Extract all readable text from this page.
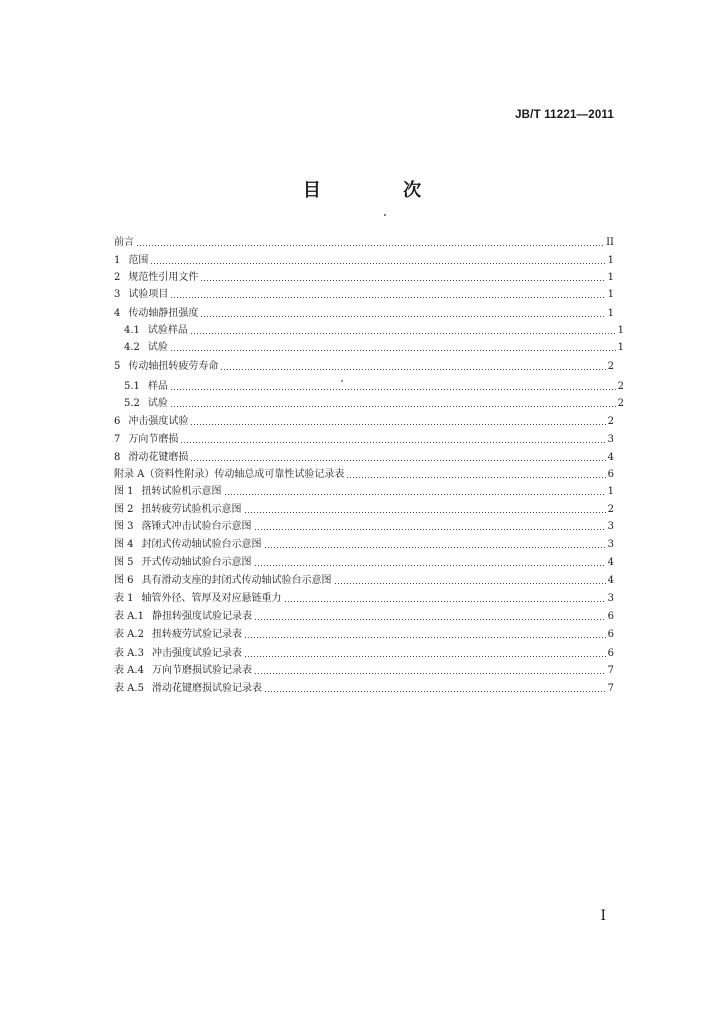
JB/T 11221—2011
目 次
前言	II
1 范围	1
2 规范性引用文件	1
3 试验项目	1
4 传动轴静扭强度	1
4.1 试验样品	1
4.2 试验	1
5 传动轴扭转疲劳寿命	2
5.1 样品	2
5.2 试验	2
6 冲击强度试验	2
7 万向节磨损	3
8 滑动花键磨损	4
附录 A（资料性附录）传动轴总成可靠性试验记录表	6
图 1 扭转试验机示意图	1
图 2 扭转疲劳试验机示意图	2
图 3 落锤式冲击试验台示意图	3
图 4 封闭式传动轴试验台示意图	3
图 5 开式传动轴试验台示意图	4
图 6 具有滑动支座的封闭式传动轴试验台示意图	4
表 1 轴管外径、管厚及对应悬链重力	3
表 A.1 静扭转强度试验记录表	6
表 A.2 扭转疲劳试验记录表	6
表 A.3 冲击强度试验记录表	6
表 A.4 万向节磨损试验记录表	7
表 A.5 滑动花键磨损试验记录表	7
I
